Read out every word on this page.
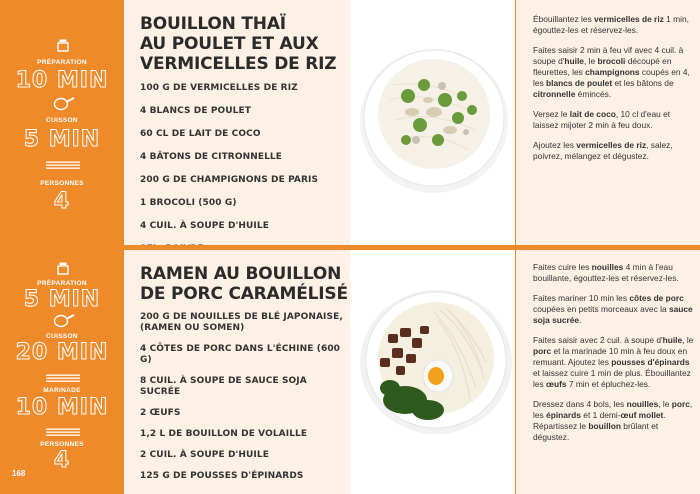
PRÉPARATION
10 MIN
CUISSON
5 MIN
PERSONNES
4
BOUILLON THAÏ
AU POULET ET AUX
VERMICELLES DE RIZ
100 G DE VERMICELLES DE RIZ
4 BLANCS DE POULET
60 CL DE LAIT DE COCO
4 BÂTONS DE CITRONNELLE
200 G DE CHAMPIGNONS DE PARIS
1 BROCOLI (500 G)
4 CUIL. À SOUPE D'HUILE

Ébouillantez les vermicelles de riz 1 min, égouttez-les et réservez-les.

Faites saisir 2 min à feu vif avec 4 cuil. à soupe d'huile, le brocoli découpé en fleurettes, les champignons coupés en 4, les blancs de poulet et les bâtons de citronnelle émincés.

Versez le lait de coco, 10 cl d'eau et laissez mijoter 2 min à feu doux.

Ajoutez les vermicelles de riz, salez, poivrez, mélangez et dégustez.

PRÉPARATION
5 MIN
CUISSON
20 MIN
MARINADE
10 MIN
PERSONNES
4
RAMEN AU BOUILLON
DE PORC CARAMÉLISÉ
200 G DE NOUILLES DE BLÉ JAPONAISE, (RAMEN OU SOMEN)
4 CÔTES DE PORC DANS L'ÉCHINE (600 G)
8 CUIL. À SOUPE DE SAUCE SOJA SUCRÉE
2 ŒUFS
1,2 L DE BOUILLON DE VOLAILLE
2 CUIL. À SOUPE D'HUILE
125 G DE POUSSES D'ÉPINARDS

Faites cuire les nouilles 4 min à l'eau bouillante, égouttez-les et réservez-les.

Faites mariner 10 min les côtes de porc coupées en petits morceaux avec la sauce soja sucrée.

Faites saisir avec 2 cuil. à soupe d'huile, le porc et la marinade 10 min à feu doux en remuant. Ajoutez les pousses d'épinards et laissez cuire 1 min de plus. Ébouillantez les œufs 7 min et épluchez-les.

Dressez dans 4 bols, les nouilles, le porc, les épinards et 1 demi-œuf mollet. Répartissez le bouillon brûlant et dégustez.

168
